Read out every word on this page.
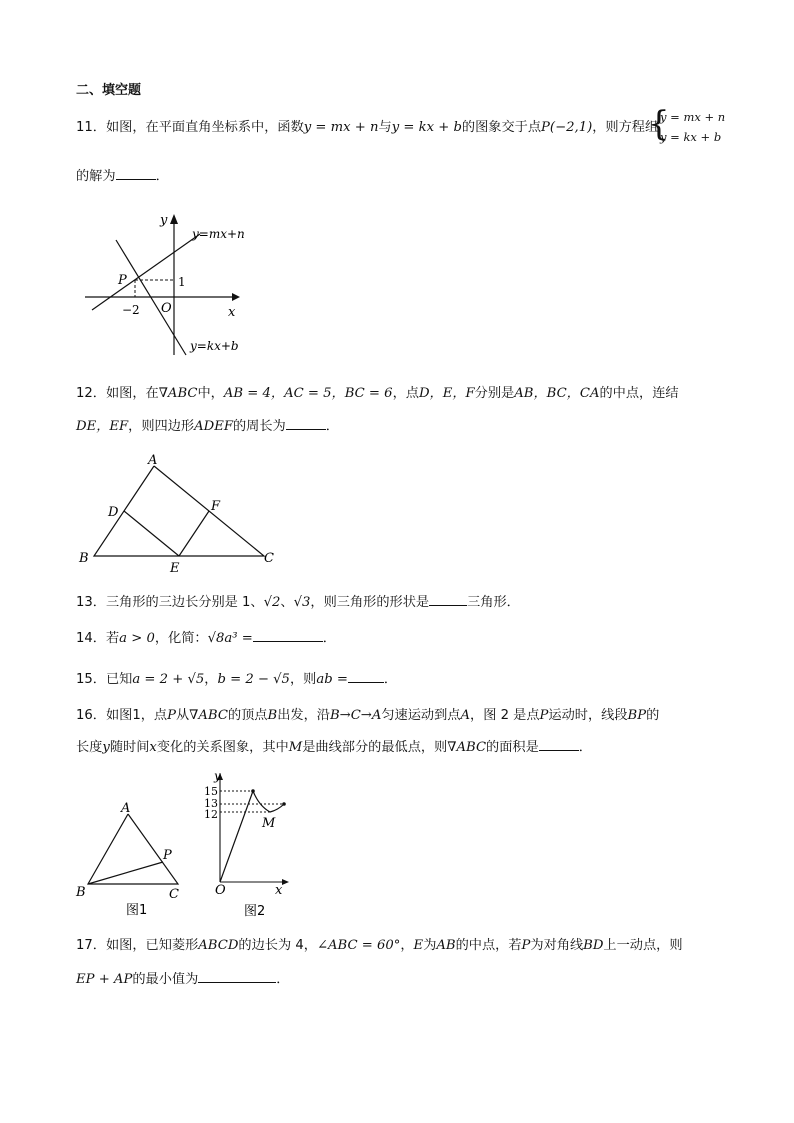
二、填空题
11．如图，在平面直角坐标系中，函数y = mx + n与y = kx + b的图象交于点P(−2,1)，则方程组
{
y = mx + n
y = kx + b
的解为	．
y
x
O
P	1
−2
y=mx+n
y=kx+b
12．如图，在∇ABC中，AB = 4，AC = 5，BC = 6，点D，E，F分别是AB，BC，CA的中点，连结
DE，EF，则四边形ADEF的周长为	．
A
B	C
D
E
F
13．三角形的三边长分别是 1、√2、√3，则三角形的形状是	三角形．
14．若a > 0，化简：√8a³ =	．
15．已知a = 2 + √5，b = 2 − √5，则ab =	．
16．如图1，点P从∇ABC的顶点B出发，沿B→C→A匀速运动到点A，图 2 是点P运动时，线段BP的
长度y随时间x变化的关系图象，其中M是曲线部分的最低点，则∇ABC的面积是	．
A
B	C
P
图1
y
x
O
M
15
13
12
图2
17．如图，已知菱形ABCD的边长为 4，∠ABC = 60°，E为AB的中点，若P为对角线BD上一动点，则
EP + AP的最小值为	．
